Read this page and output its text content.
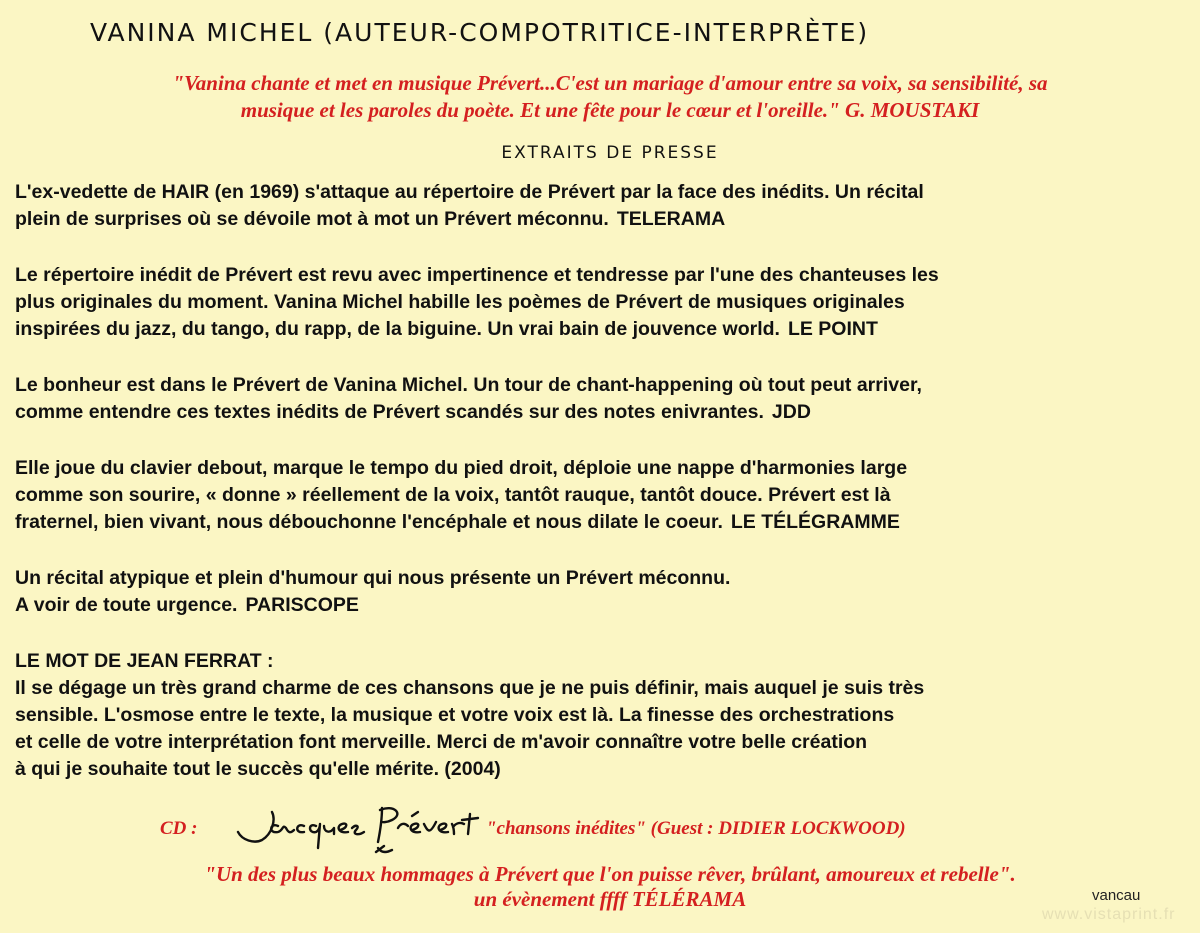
VANINA MICHEL (AUTEUR-COMPOTRITICE-INTERPRÈTE)
"Vanina chante et met en musique Prévert...C'est un mariage d'amour entre sa voix, sa sensibilité, sa
musique et les paroles du poète. Et une fête pour le cœur et l'oreille." G. MOUSTAKI
EXTRAITS DE PRESSE
L'ex-vedette de HAIR (en 1969) s'attaque au répertoire de Prévert par la face des inédits. Un récital
plein de surprises où se dévoile mot à mot un Prévert méconnu. TELERAMA
Le répertoire inédit de Prévert est revu avec impertinence et tendresse par l'une des chanteuses les
plus originales du moment. Vanina Michel habille les poèmes de Prévert de musiques originales
inspirées du jazz, du tango, du rapp, de la biguine. Un vrai bain de jouvence world. LE POINT
Le bonheur est dans le Prévert de Vanina Michel. Un tour de chant-happening où tout peut arriver,
comme entendre ces textes inédits de Prévert scandés sur des notes enivrantes. JDD
Elle joue du clavier debout, marque le tempo du pied droit, déploie une nappe d'harmonies large
comme son sourire, « donne » réellement de la voix, tantôt rauque, tantôt douce. Prévert est là
fraternel, bien vivant, nous débouchonne l'encéphale et nous dilate le coeur. LE TÉLÉGRAMME
Un récital atypique et plein d'humour qui nous présente un Prévert méconnu.
A voir de toute urgence. PARISCOPE
LE MOT DE JEAN FERRAT :
Il se dégage un très grand charme de ces chansons que je ne puis définir, mais auquel je suis très
sensible. L'osmose entre le texte, la musique et votre voix est là. La finesse des orchestrations
et celle de votre interprétation font merveille. Merci de m'avoir connaître votre belle création
à qui je souhaite tout le succès qu'elle mérite. (2004)
CD :	"chansons inédites" (Guest : DIDIER LOCKWOOD)
"Un des plus beaux hommages à Prévert que l'on puisse rêver, brûlant, amoureux et rebelle".
un évènement ffff TÉLÉRAMA	vancau
www.vistaprint.fr
